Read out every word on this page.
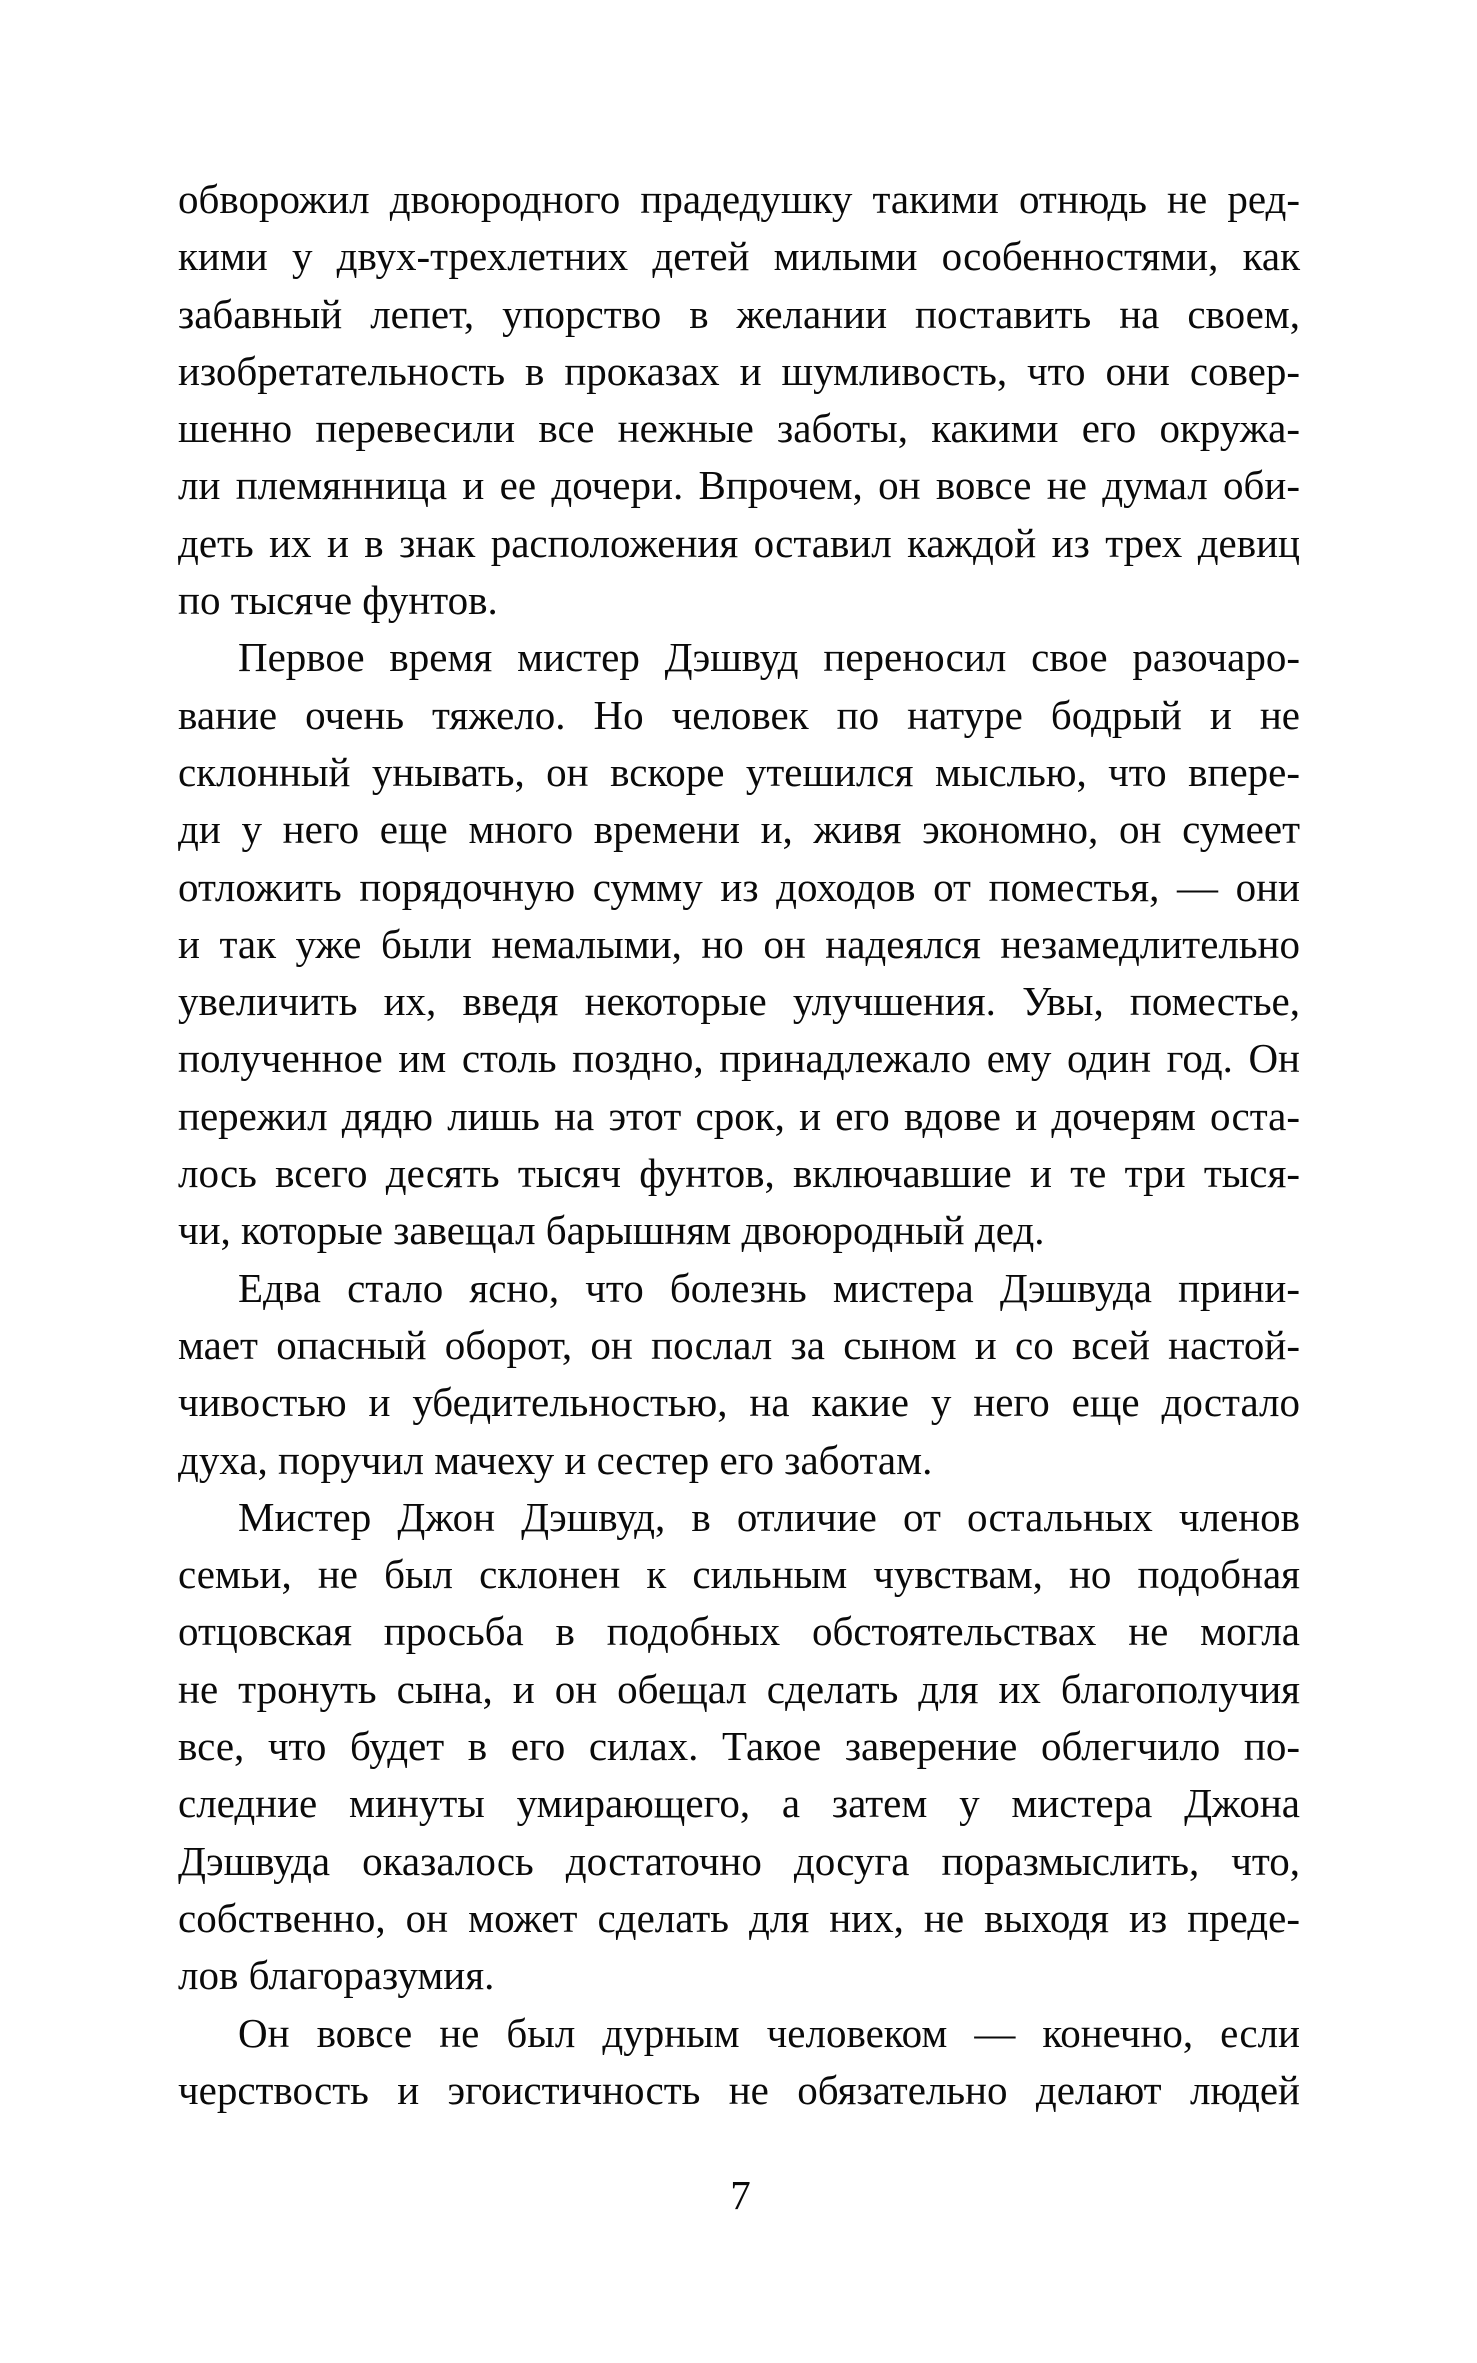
обворожил двоюродного прадедушку такими отнюдь не ред-
кими у двух-трехлетних детей милыми особенностями, как
забавный лепет, упорство в желании поставить на своем,
изобретательность в проказах и шумливость, что они совер-
шенно перевесили все нежные заботы, какими его окружа-
ли племянница и ее дочери. Впрочем, он вовсе не думал оби-
деть их и в знак расположения оставил каждой из трех девиц
по тысяче фунтов.
Первое время мистер Дэшвуд переносил свое разочаро-
вание очень тяжело. Но человек по натуре бодрый и не
склонный унывать, он вскоре утешился мыслью, что впере-
ди у него еще много времени и, живя экономно, он сумеет
отложить порядочную сумму из доходов от поместья, — они
и так уже были немалыми, но он надеялся незамедлительно
увеличить их, введя некоторые улучшения. Увы, поместье,
полученное им столь поздно, принадлежало ему один год. Он
пережил дядю лишь на этот срок, и его вдове и дочерям оста-
лось всего десять тысяч фунтов, включавшие и те три тыся-
чи, которые завещал барышням двоюродный дед.
Едва стало ясно, что болезнь мистера Дэшвуда прини-
мает опасный оборот, он послал за сыном и со всей настой-
чивостью и убедительностью, на какие у него еще достало
духа, поручил мачеху и сестер его заботам.
Мистер Джон Дэшвуд, в отличие от остальных членов
семьи, не был склонен к сильным чувствам, но подобная
отцовская просьба в подобных обстоятельствах не могла
не тронуть сына, и он обещал сделать для их благополучия
все, что будет в его силах. Такое заверение облегчило по-
следние минуты умирающего, а затем у мистера Джона
Дэшвуда оказалось достаточно досуга поразмыслить, что,
собственно, он может сделать для них, не выходя из преде-
лов благоразумия.
Он вовсе не был дурным человеком — конечно, если
черствость и эгоистичность не обязательно делают людей
7
